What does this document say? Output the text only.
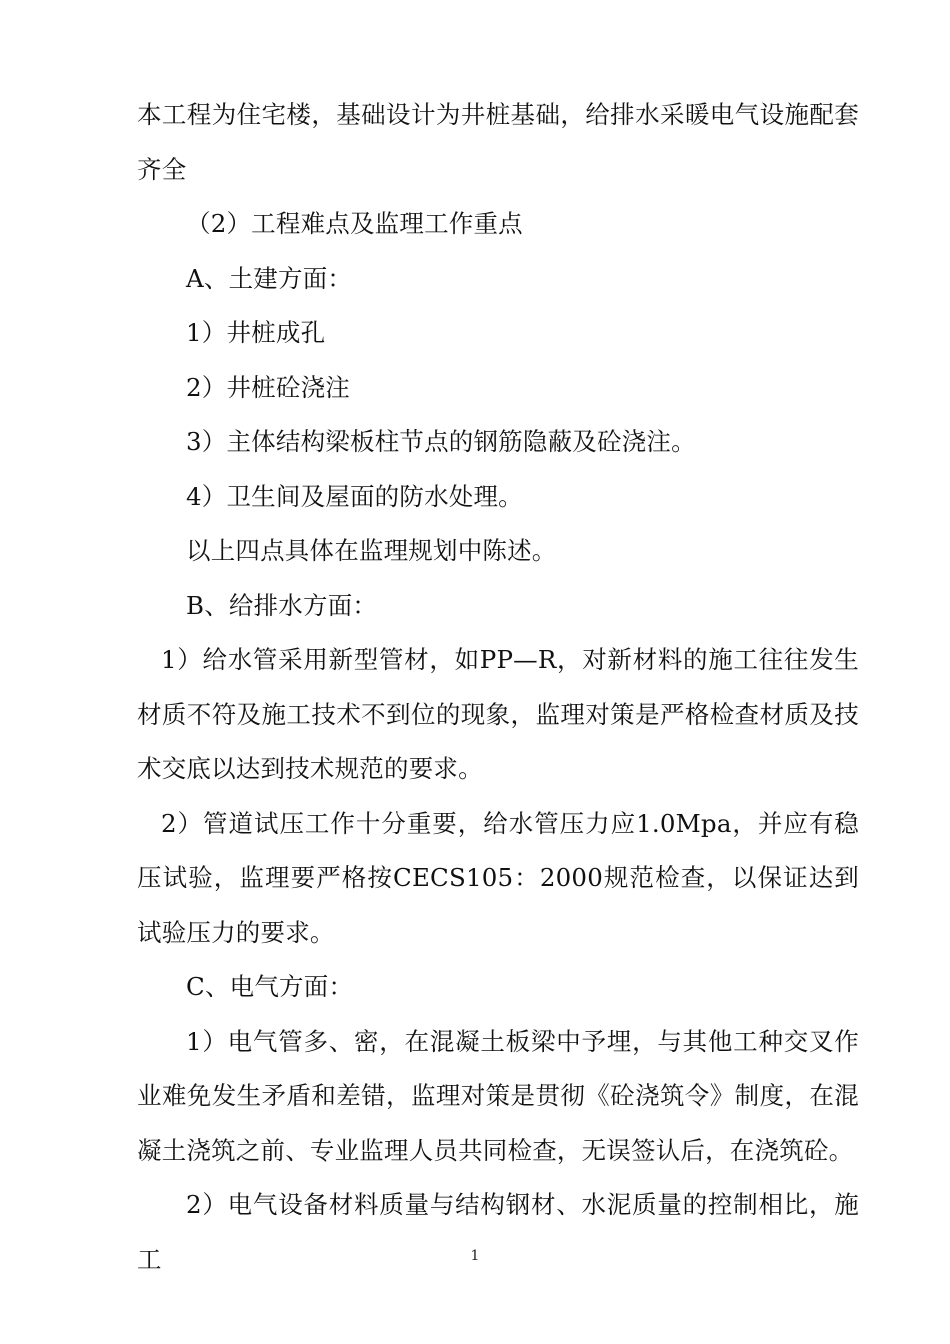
本工程为住宅楼，基础设计为井桩基础，给排水采暖电气设施配套齐全

（2）工程难点及监理工作重点

A、土建方面：

1）井桩成孔

2）井桩砼浇注

3）主体结构梁板柱节点的钢筋隐蔽及砼浇注。

4）卫生间及屋面的防水处理。

以上四点具体在监理规划中陈述。

B、给排水方面：

1）给水管采用新型管材，如PP—R，对新材料的施工往往发生材质不符及施工技术不到位的现象，监理对策是严格检查材质及技术交底以达到技术规范的要求。

2）管道试压工作十分重要，给水管压力应1.0Mpa，并应有稳压试验，监理要严格按CECS105：2000规范检查，以保证达到试验压力的要求。

C、电气方面：

1）电气管多、密，在混凝土板梁中予埋，与其他工种交叉作业难免发生矛盾和差错，监理对策是贯彻《砼浇筑令》制度，在混凝土浇筑之前、专业监理人员共同检查，无误签认后，在浇筑砼。

2）电气设备材料质量与结构钢材、水泥质量的控制相比，施工	1
